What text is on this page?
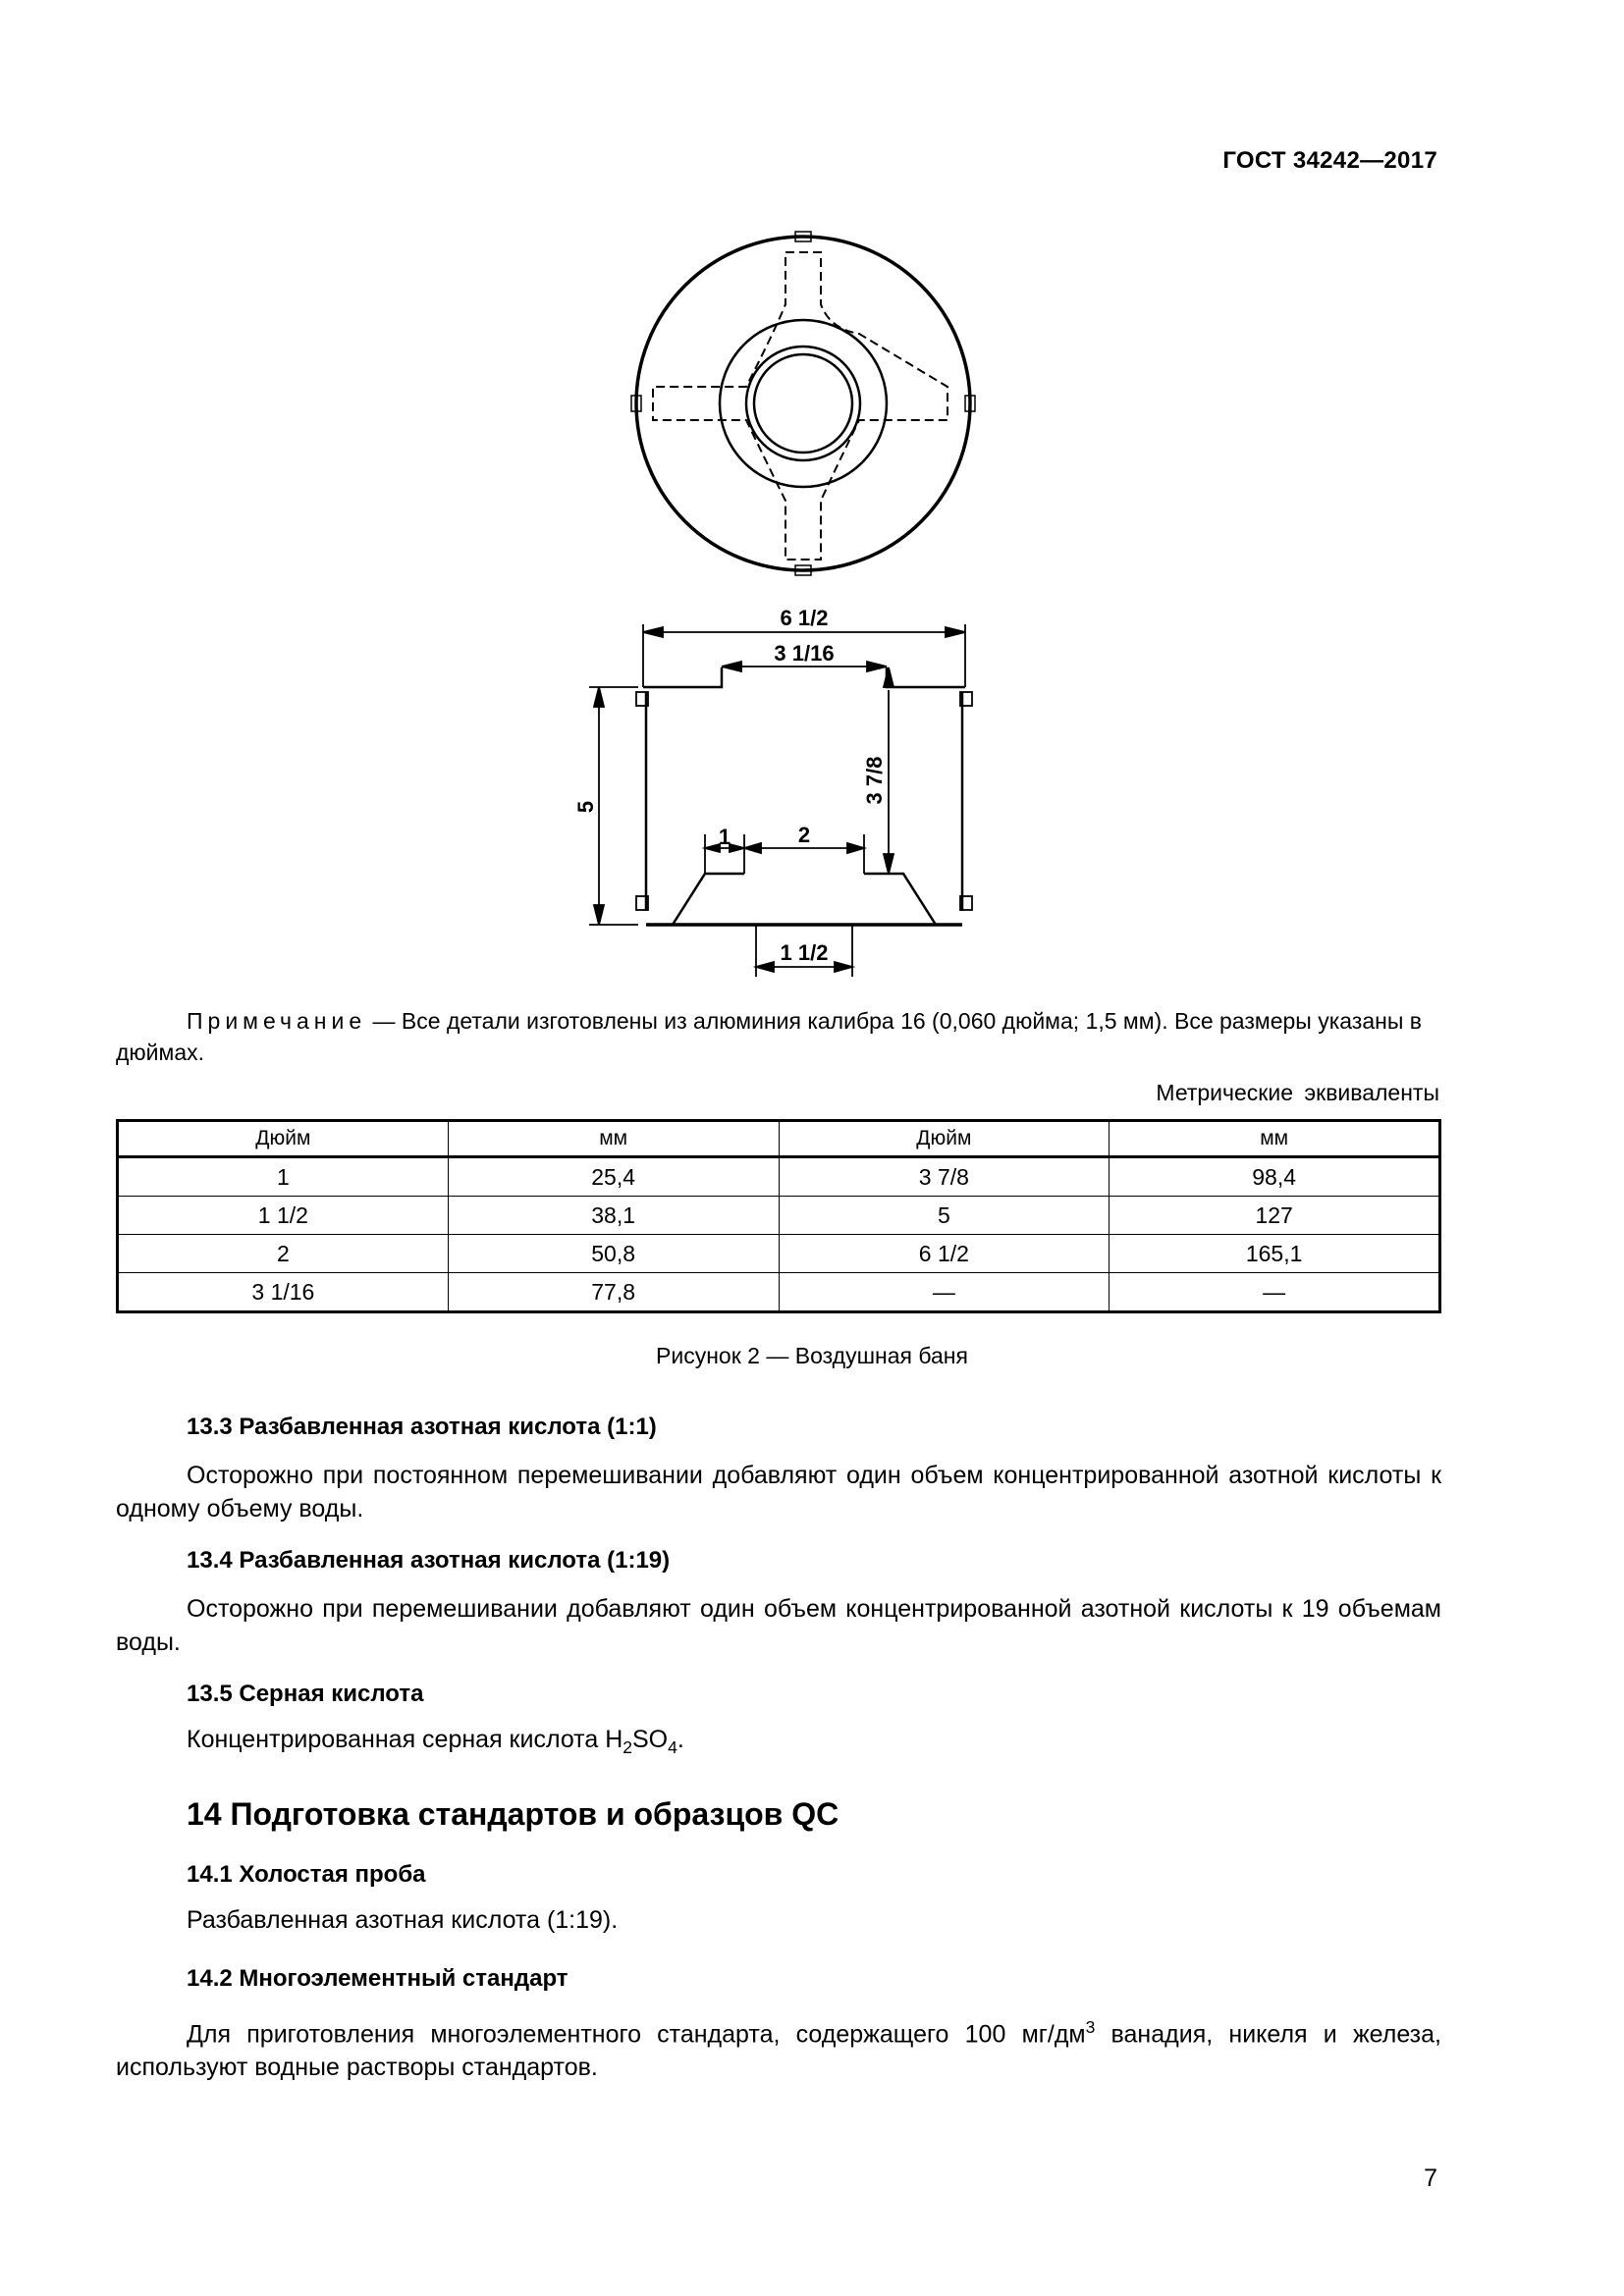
ГОСТ 34242—2017
6 1/2
3 1/16
5
3 7/8
1	2
1 1/2
Примечание — Все детали изготовлены из алюминия калибра 16 (0,060 дюйма; 1,5 мм). Все размеры указаны в дюймах.
Метрические эквиваленты
Дюйм	мм	Дюйм	мм
1	25,4	3 7/8	98,4
1 1/2	38,1	5	127
2	50,8	6 1/2	165,1
3 1/16	77,8	—	—
Рисунок 2 — Воздушная баня
13.3 Разбавленная азотная кислота (1:1)
Осторожно при постоянном перемешивании добавляют один объем концентрированной азотной кислоты к одному объему воды.
13.4 Разбавленная азотная кислота (1:19)
Осторожно при перемешивании добавляют один объем концентрированной азотной кислоты к 19 объемам воды.
13.5 Серная кислота
Концентрированная серная кислота $H_2SO_4$.
14 Подготовка стандартов и образцов QC
14.1 Холостая проба
Разбавленная азотная кислота (1:19).
14.2 Многоэлементный стандарт
Для приготовления многоэлементного стандарта, содержащего 100 $мг/дм^3$ ванадия, никеля и железа, используют водные растворы стандартов.
7
